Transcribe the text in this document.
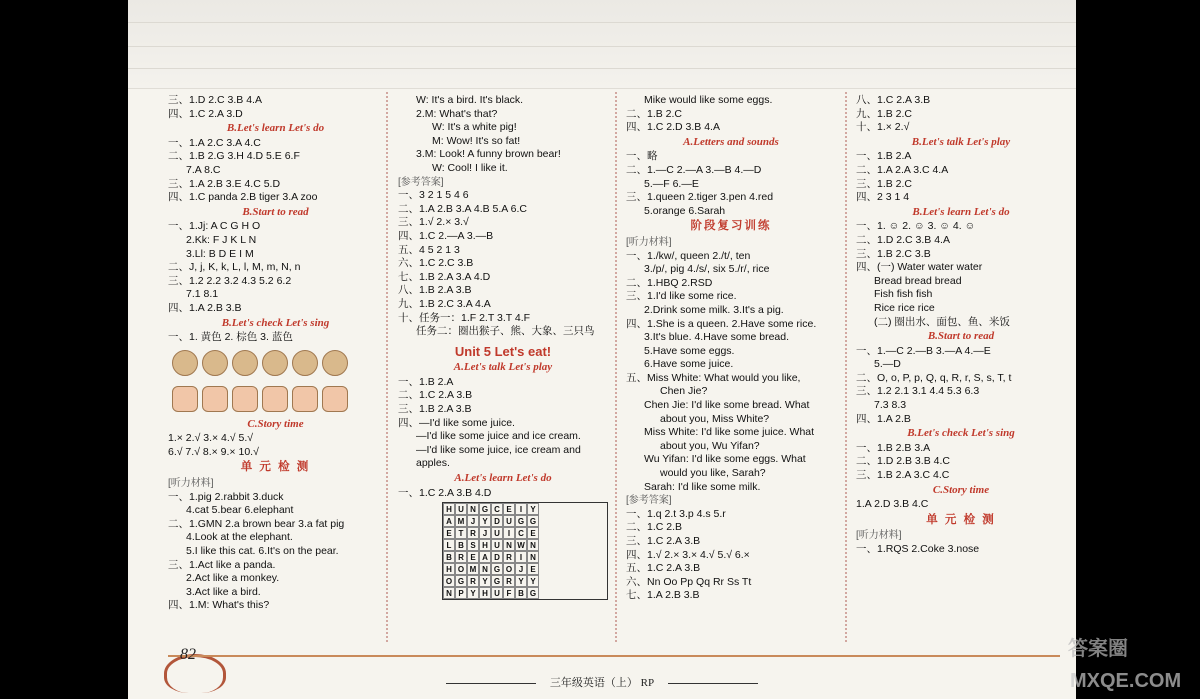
三、1.D 2.C 3.B 4.A
四、1.C 2.A 3.D
B.Let's learn Let's do
一、1.A 2.C 3.A 4.C
二、1.B 2.G 3.H 4.D 5.E 6.F
7.A 8.C
三、1.A 2.B 3.E 4.C 5.D
四、1.C panda 2.B tiger 3.A zoo
B.Start to read
一、1.Jj: A C G H O
2.Kk: F J K L N
3.Ll: B D E I M
二、J, j, K, k, L, l, M, m, N, n
三、1.2 2.2 3.2 4.3 5.2 6.2
7.1 8.1
四、1.A 2.B 3.B
B.Let's check Let's sing
一、1. 黄色 2. 棕色 3. 蓝色
C.Story time
1.× 2.√ 3.× 4.√ 5.√
6.√ 7.√ 8.× 9.× 10.√
单 元 检 测
[听力材料]
一、1.pig 2.rabbit 3.duck
4.cat 5.bear 6.elephant
二、1.GMN 2.a brown bear 3.a fat pig
4.Look at the elephant.
5.I like this cat. 6.It's on the pear.
三、1.Act like a panda.
2.Act like a monkey.
3.Act like a bird.
四、1.M: What's this?
W: It's a bird. It's black.
2.M: What's that?
W: It's a white pig!
M: Wow! It's so fat!
3.M: Look! A funny brown bear!
W: Cool! I like it.
[参考答案]
一、3 2 1 5 4 6
二、1.A 2.B 3.A 4.B 5.A 6.C
三、1.√ 2.× 3.√
四、1.C 2.—A 3.—B
五、4 5 2 1 3
六、1.C 2.C 3.B
七、1.B 2.A 3.A 4.D
八、1.B 2.A 3.B
九、1.B 2.C 3.A 4.A
十、任务一：1.F 2.T 3.T 4.F
任务二：圈出猴子、熊、大象、三只鸟
Unit 5 Let's eat!
A.Let's talk Let's play
一、1.B 2.A
二、1.C 2.A 3.B
三、1.B 2.A 3.B
四、—I'd like some juice.
—I'd like some juice and ice cream.
—I'd like some juice, ice cream and
apples.
A.Let's learn Let's do
一、1.C 2.A 3.B 4.D
H U N G C E	I	Y
A M J Y D U G G
E T R J U I	C E
L B S H U N W N
B R E A D R I	N
H O M N G O J E
O G R Y G R Y Y
N P Y H U F B G
Mike would like some eggs.
二、1.B 2.C
四、1.C 2.D 3.B 4.A
A.Letters and sounds
一、略
二、1.—C 2.—A 3.—B 4.—D
5.—F 6.—E
三、1.queen 2.tiger 3.pen 4.red
5.orange 6.Sarah
阶段复习训练
[听力材料]
一、1./kw/, queen 2./t/, ten
3./p/, pig 4./s/, six 5./r/, rice
二、1.HBQ 2.RSD
三、1.I'd like some rice.
2.Drink some milk. 3.It's a pig.
四、1.She is a queen. 2.Have some rice.
3.It's blue. 4.Have some bread.
5.Have some eggs.
6.Have some juice.
五、Miss White: What would you like,
Chen Jie?
Chen Jie: I'd like some bread. What
about you, Miss White?
Miss White: I'd like some juice. What
about you, Wu Yifan?
Wu Yifan: I'd like some eggs. What
would you like, Sarah?
Sarah: I'd like some milk.
[参考答案]
一、1.q 2.t 3.p 4.s 5.r
二、1.C 2.B
三、1.C 2.A 3.B
四、1.√ 2.× 3.× 4.√ 5.√ 6.×
五、1.C 2.A 3.B
六、Nn Oo Pp Qq Rr Ss Tt
七、1.A 2.B 3.B
八、1.C 2.A 3.B
九、1.B 2.C
十、1.× 2.√
B.Let's talk Let's play
一、1.B 2.A
二、1.A 2.A 3.C 4.A
三、1.B 2.C
四、2 3 1 4
B.Let's learn Let's do
一、1. ☺ 2. ☺ 3. ☺ 4. ☺
二、1.D 2.C 3.B 4.A
三、1.B 2.C 3.B
四、(一) Water water water
Bread bread bread
Fish fish fish
Rice rice rice
(二) 圈出水、面包、鱼、米饭
B.Start to read
一、1.—C 2.—B 3.—A 4.—E
5.—D
二、O, o, P, p, Q, q, R, r, S, s, T, t
三、1.2 2.1 3.1 4.4 5.3 6.3
7.3 8.3
四、1.A 2.B
B.Let's check Let's sing
一、1.B 2.B 3.A
二、1.D 2.B 3.B 4.C
三、1.B 2.A 3.C 4.C
C.Story time
1.A 2.D 3.B 4.C
单 元 检 测
[听力材料]
一、1.RQS 2.Coke 3.nose
82
三年级英语（上） RP
答案圈
MXQE.COM
